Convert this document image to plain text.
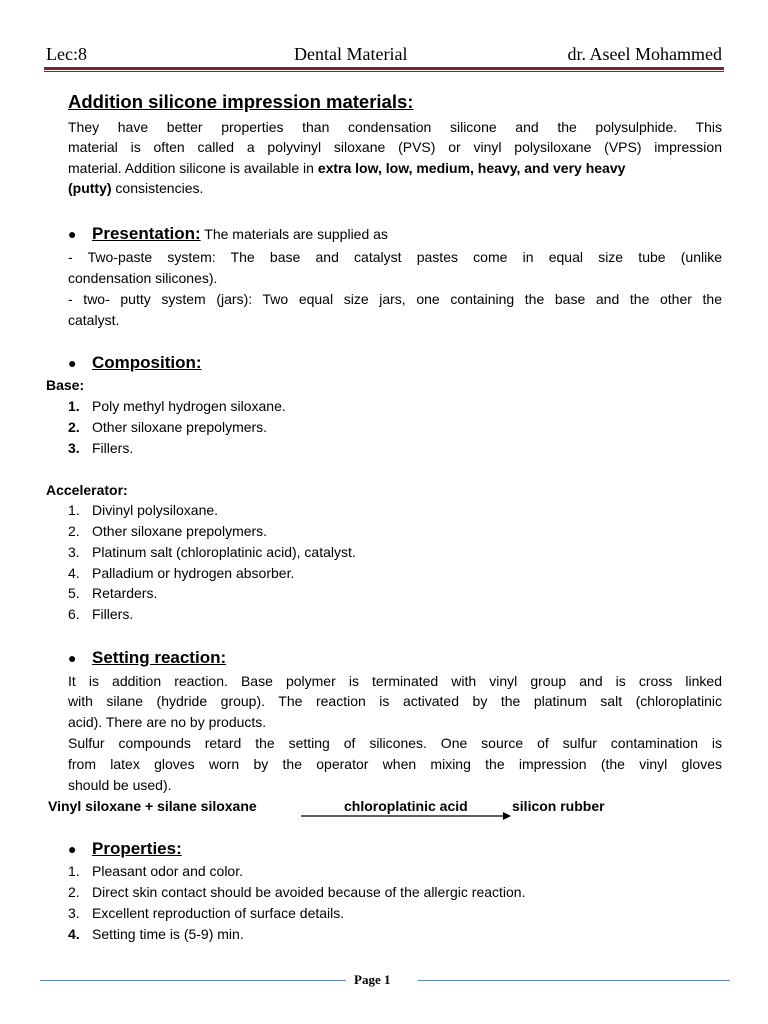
Lec:8	Dental Material	dr. Aseel Mohammed
Addition silicone impression materials:
They have better properties than condensation silicone and the polysulphide. This
material is often called a polyvinyl siloxane (PVS) or vinyl polysiloxane (VPS) impression
material. Addition silicone is available in extra low, low, medium, heavy, and very heavy
(putty) consistencies.
● Presentation: The materials are supplied as
- Two-paste system: The base and catalyst pastes come in equal size tube (unlike
condensation silicones).
- two- putty system (jars): Two equal size jars, one containing the base and the other the
catalyst.
● Composition:
Base:
1. Poly methyl hydrogen siloxane.
2. Other siloxane prepolymers.
3. Fillers.
Accelerator:
1. Divinyl polysiloxane.
2. Other siloxane prepolymers.
3. Platinum salt (chloroplatinic acid), catalyst.
4. Palladium or hydrogen absorber.
5. Retarders.
6. Fillers.
● Setting reaction:
It is addition reaction. Base polymer is terminated with vinyl group and is cross linked
with silane (hydride group). The reaction is activated by the platinum salt (chloroplatinic
acid). There are no by products.
Sulfur compounds retard the setting of silicones. One source of sulfur contamination is
from latex gloves worn by the operator when mixing the impression (the vinyl gloves
should be used).
Vinyl siloxane + silane siloxane	chloroplatinic acid	silicon rubber
● Properties:
1. Pleasant odor and color.
2. Direct skin contact should be avoided because of the allergic reaction.
3. Excellent reproduction of surface details.
4. Setting time is (5-9) min.
Page 1
